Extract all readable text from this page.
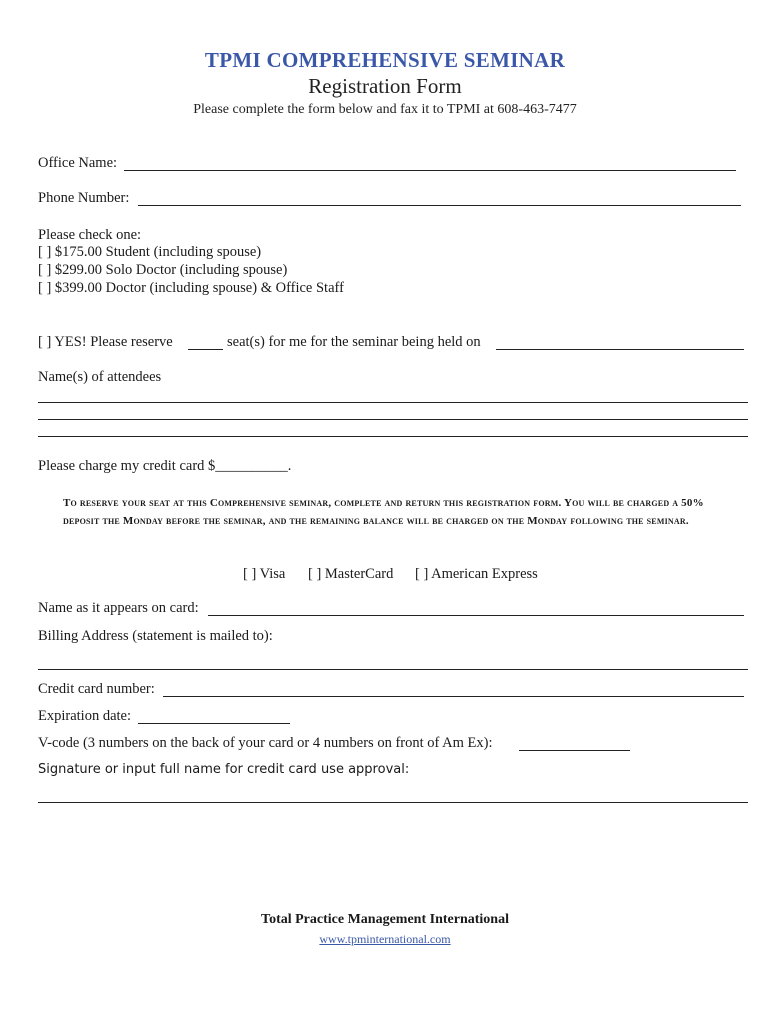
TPMI COMPREHENSIVE SEMINAR
Registration Form
Please complete the form below and fax it to TPMI at 608-463-7477
Office Name:
Phone Number:
Please check one:
[ ] $175.00 Student (including spouse)
[ ] $299.00 Solo Doctor (including spouse)
[ ] $399.00 Doctor (including spouse) & Office Staff
[ ] YES! Please reserve	seat(s) for me for the seminar being held on
Name(s) of attendees
Please charge my credit card $__________.
To reserve your seat at this Comprehensive seminar, complete and return this registration form. You will be charged a 50% deposit the Monday before the seminar, and the remaining balance will be charged on the Monday following the seminar.
[ ] Visa [ ] MasterCard [ ] American Express
Name as it appears on card:
Billing Address (statement is mailed to):
Credit card number:
Expiration date:
V-code (3 numbers on the back of your card or 4 numbers on front of Am Ex):
Signature or input full name for credit card use approval:
Total Practice Management International
www.tpminternational.com
